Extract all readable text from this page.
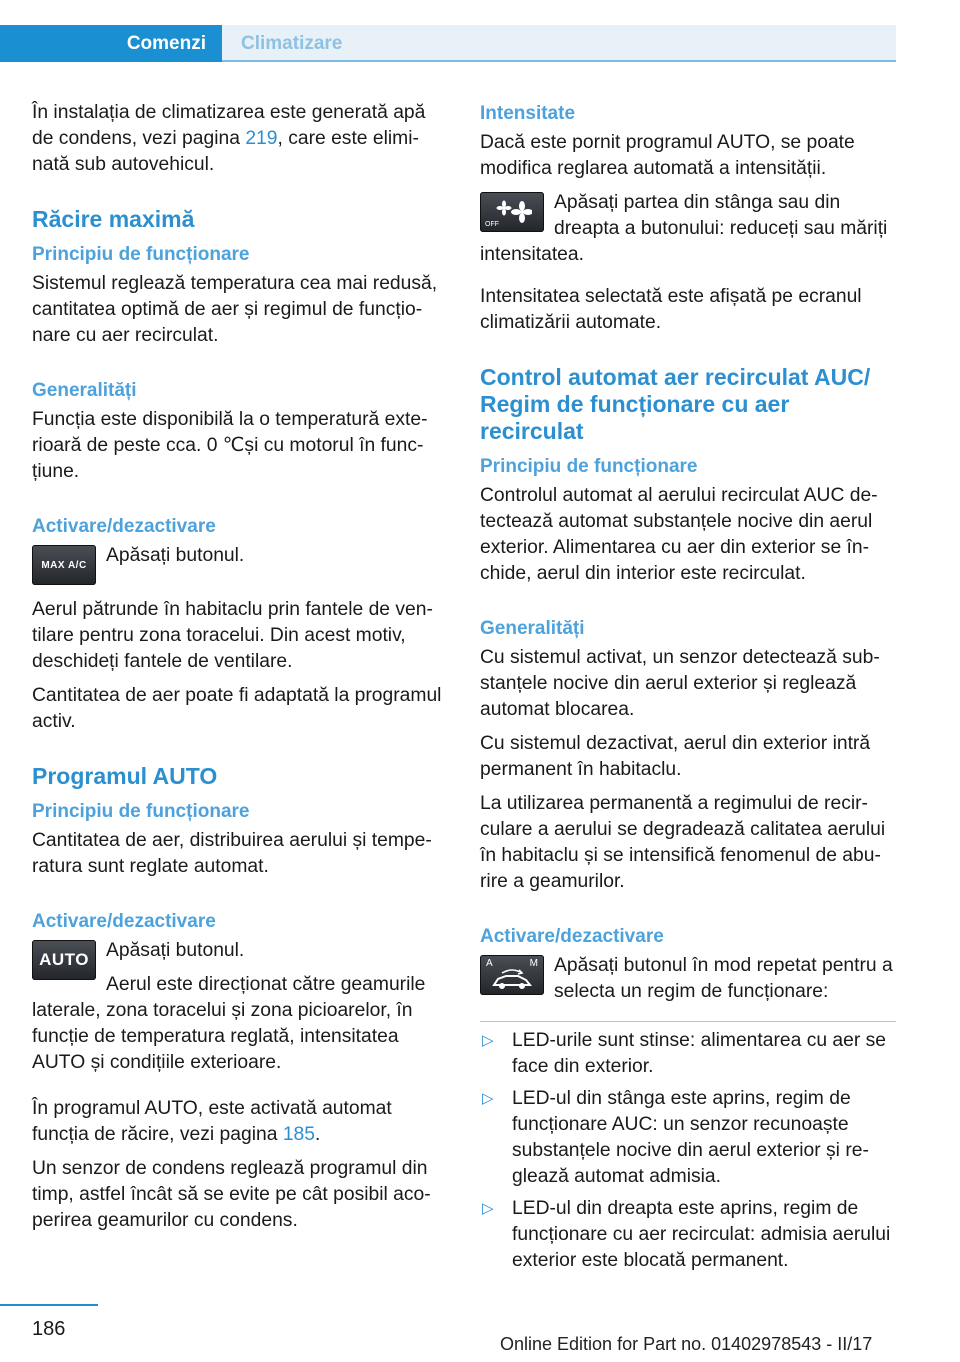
Comenzi	Climatizare

În instalația de climatizarea este generată apă de condens, vezi pagina 219, care este eliminată sub autovehicul.

Răcire maximă
Principiu de funcționare

Sistemul reglează temperatura cea mai redusă, cantitatea optimă de aer și regimul de funcționare cu aer recirculat.

Generalități

Funcția este disponibilă la o temperatură exterioară de peste cca. 0 ℃și cu motorul în funcțiune.

Activare/dezactivare
MAX A/C	Apăsați butonul.

Aerul pătrunde în habitaclu prin fantele de ventilare pentru zona toracelui. Din acest motiv, deschideți fantele de ventilare.

Cantitatea de aer poate fi adaptată la programul activ.

Programul AUTO
Principiu de funcționare

Cantitatea de aer, distribuirea aerului și temperatura sunt reglate automat.

Activare/dezactivare
AUTO Apăsați butonul.

Aerul este direcționat către geamurile laterale, zona toracelui și zona picioarelor, în funcție de temperatura reglată, intensitatea AUTO și condițiile exterioare.

În programul AUTO, este activată automat funcția de răcire, vezi pagina 185.

Un senzor de condens reglează programul din timp, astfel încât să se evite pe cât posibil acoperirea geamurilor cu condens.

Intensitate

Dacă este pornit programul AUTO, se poate modifica reglarea automată a intensității.

OFF

Apăsați partea din stânga sau din dreapta a butonului: reduceți sau măriți intensitatea.

Intensitatea selectată este afișată pe ecranul climatizării automate.

Control automat aer recirculat AUC/ Regim de funcționare cu aer recirculat
Principiu de funcționare

Controlul automat al aerului recirculat AUC detectează automat substanțele nocive din aerul exterior. Alimentarea cu aer din exterior se închide, aerul din interior este recirculat.

Generalități

Cu sistemul activat, un senzor detectează substanțele nocive din aerul exterior și reglează automat blocarea.

Cu sistemul dezactivat, aerul din exterior intră permanent în habitaclu.

La utilizarea permanentă a regimului de recirculare a aerului se degradează calitatea aerului în habitaclu și se intensifică fenomenul de aburire a geamurilor.

Activare/dezactivare
A	M Apăsați butonul în mod repetat pentru a selecta un regim de funcționare:

▷ LED-urile sunt stinse: alimentarea cu aer se face din exterior.
▷ LED-ul din stânga este aprins, regim de funcționare AUC: un senzor recunoaște substanțele nocive din aerul exterior și reglează automat admisia.
▷ LED-ul din dreapta este aprins, regim de funcționare cu aer recirculat: admisia aerului exterior este blocată permanent.
186
Online Edition for Part no. 01402978543 - II/17
